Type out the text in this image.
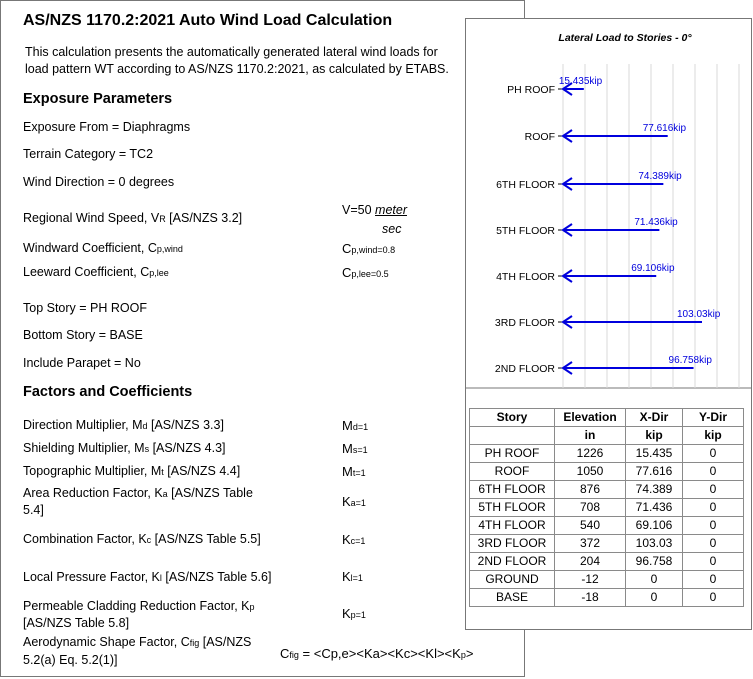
AS/NZS 1170.2:2021 Auto Wind Load Calculation
This calculation presents the automatically generated lateral wind loads for
load pattern WT according to AS/NZS 1170.2:2021, as calculated by ETABS.
Exposure Parameters
Exposure From = Diaphragms
Terrain Category = TC2
Wind Direction = 0 degrees
Regional Wind Speed, VR [AS/NZS 3.2]
V=50 meter
sec
Windward Coefficient, Cp,wind	Cp,wind=0.8
Leeward Coefficient, Cp,lee	Cp,lee=0.5
Top Story = PH ROOF
Bottom Story = BASE
Include Parapet = No
Factors and Coefficients
Direction Multiplier, Md [AS/NZS 3.3]	Md=1
Shielding Multiplier, Ms [AS/NZS 4.3]	Ms=1
Topographic Multiplier, Mt [AS/NZS 4.4]	Mt=1
Area Reduction Factor, Ka [AS/NZS Table
5.4]
Ka=1
Combination Factor, Kc [AS/NZS Table 5.5]	Kc=1
Local Pressure Factor, Kl [AS/NZS Table 5.6]	Kl=1
Permeable Cladding Reduction Factor, Kp
[AS/NZS Table 5.8]
Kp=1
Aerodynamic Shape Factor, Cfig [AS/NZS
5.2(a) Eq. 5.2(1)]	Cfig = <Cp,e><Ka><Kc><Kl><Kp>
Lateral Load to Stories - 0°
PH ROOF
15.435kip
ROOF
77.616kip
6TH FLOOR
74.389kip
5TH FLOOR
71.436kip
4TH FLOOR
69.106kip
3RD FLOOR
103.03kip
2ND FLOOR
96.758kip
Story	Elevation	X-Dir	Y-Dir
	in	kip	kip
PH ROOF	1226	15.435	0
ROOF	1050	77.616	0
6TH FLOOR	876	74.389	0
5TH FLOOR	708	71.436	0
4TH FLOOR	540	69.106	0
3RD FLOOR	372	103.03	0
2ND FLOOR	204	96.758	0
GROUND	-12	0	0
BASE	-18	0	0
